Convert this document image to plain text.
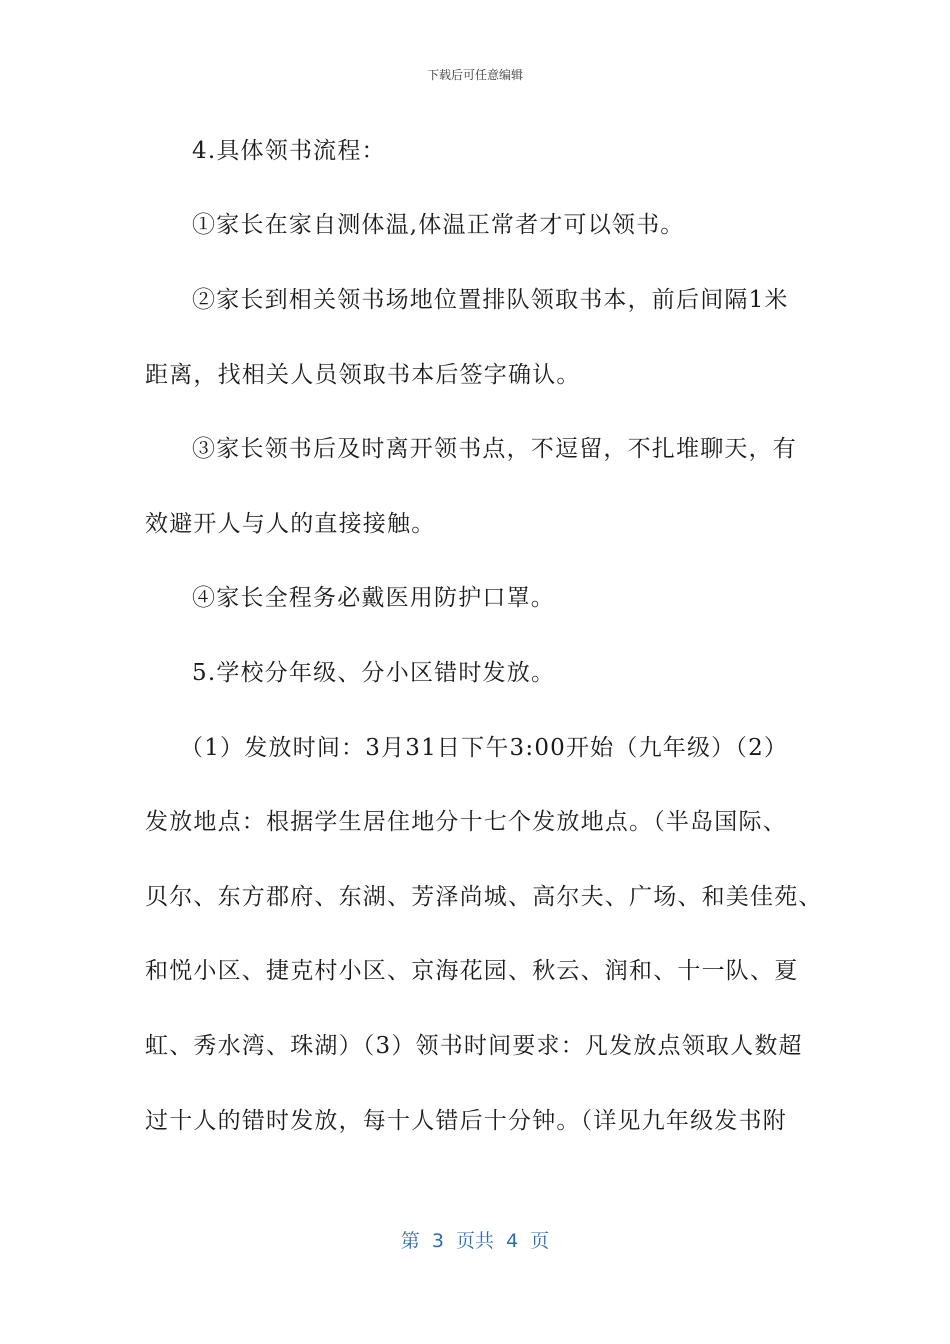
下载后可任意编辑
4.具体领书流程：
①家长在家自测体温,体温正常者才可以领书。
②家长到相关领书场地位置排队领取书本，前后间隔1米
距离，找相关人员领取书本后签字确认。
③家长领书后及时离开领书点，不逗留，不扎堆聊天，有
效避开人与人的直接接触。
④家长全程务必戴医用防护口罩。
5.学校分年级、分小区错时发放。
（1）发放时间：3月31日下午3:00开始（九年级）（2）
发放地点：根据学生居住地分十七个发放地点。（半岛国际、
贝尔、东方郡府、东湖、芳泽尚城、高尔夫、广场、和美佳苑、
和悦小区、捷克村小区、京海花园、秋云、润和、十一队、夏
虹、秀水湾、珠湖）（3）领书时间要求：凡发放点领取人数超
过十人的错时发放，每十人错后十分钟。（详见九年级发书附
第  3  页共  4  页
